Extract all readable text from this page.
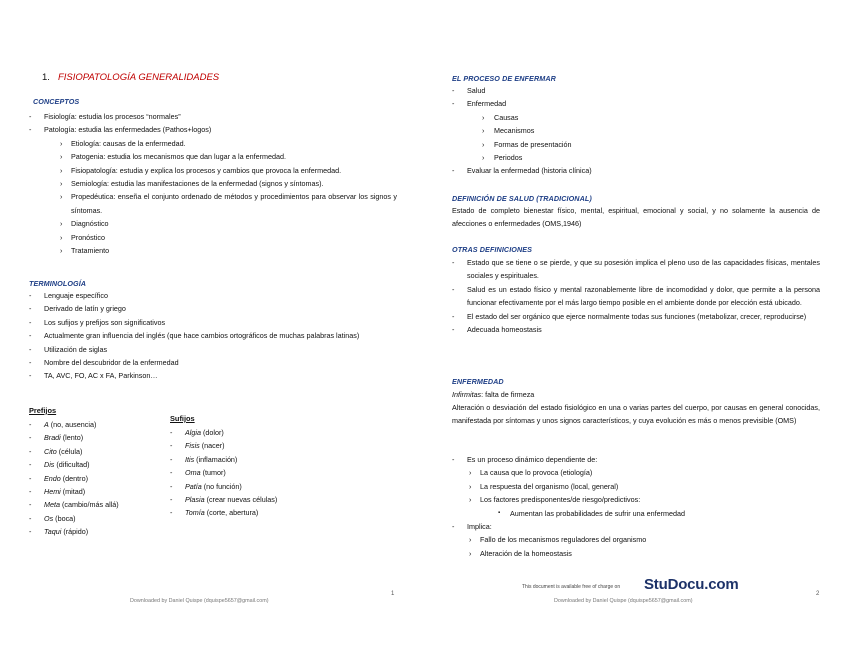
1. FISIOPATOLOGÍA GENERALIDADES
CONCEPTOS
- Fisiología: estudia los procesos “normales”
- Patología: estudia las enfermedades (Pathos+logos)
› Etiología: causas de la enfermedad.
› Patogenia: estudia los mecanismos que dan lugar a la enfermedad.
› Fisiopatología: estudia y explica los procesos y cambios que provoca la enfermedad.
› Semiología: estudia las manifestaciones de la enfermedad (signos y síntomas).
› Propedéutica: enseña el conjunto ordenado de métodos y procedimientos para observar los signos y síntomas.
› Diagnóstico
› Pronóstico
› Tratamiento
TERMINOLOGÍA
- Lenguaje específico
- Derivado de latín y griego
- Los sufijos y prefijos son significativos
- Actualmente gran influencia del inglés (que hace cambios ortográficos de muchas palabras latinas)
- Utilización de siglas
- Nombre del descubridor de la enfermedad
- TA, AVC, FO, AC x FA, Parkinson…
Prefijos
- A (no, ausencia)
- Bradi (lento)
- Cito (célula)
- Dis (dificultad)
- Endo (dentro)
- Hemi (mitad)
- Meta (cambio/más allá)
- Os (boca)
- Taqui (rápido)
Sufijos
- Algia (dolor)
- Fisis (nacer)
- Itis (inflamación)
- Oma (tumor)
- Patía (no función)
- Plasia (crear nuevas células)
- Tomía (corte, abertura)
1
Downloaded by Daniel Quispe (dquispe5657@gmail.com)
EL PROCESO DE ENFERMAR
- Salud
- Enfermedad
› Causas
› Mecanismos
› Formas de presentación
› Periodos
- Evaluar la enfermedad (historia clínica)
DEFINICIÓN DE SALUD (TRADICIONAL)
Estado de completo bienestar físico, mental, espiritual, emocional y social, y no solamente la ausencia de afecciones o enfermedades (OMS,1946)
OTRAS DEFINICIONES
- Estado que se tiene o se pierde, y que su posesión implica el pleno uso de las capacidades físicas, mentales sociales y espirituales.
- Salud es un estado físico y mental razonablemente libre de incomodidad y dolor, que permite a la persona funcionar efectivamente por el más largo tiempo posible en el ambiente donde por elección está ubicado.
- El estado del ser orgánico que ejerce normalmente todas sus funciones (metabolizar, crecer, reproducirse)
- Adecuada homeostasis
ENFERMEDAD
Infirmitas: falta de firmeza
Alteración o desviación del estado fisiológico en una o varias partes del cuerpo, por causas en general conocidas, manifestada por síntomas y unos signos característicos, y cuya evolución es más o menos previsible (OMS)
- Es un proceso dinámico dependiente de:
› La causa que lo provoca (etiología)
› La respuesta del organismo (local, general)
› Los factores predisponentes/de riesgo/predictivos:
▪ Aumentan las probabilidades de sufrir una enfermedad
- Implica:
› Fallo de los mecanismos reguladores del organismo
› Alteración de la homeostasis
This document is available free of charge on StuDocu.com
2
Downloaded by Daniel Quispe (dquispe5657@gmail.com)
